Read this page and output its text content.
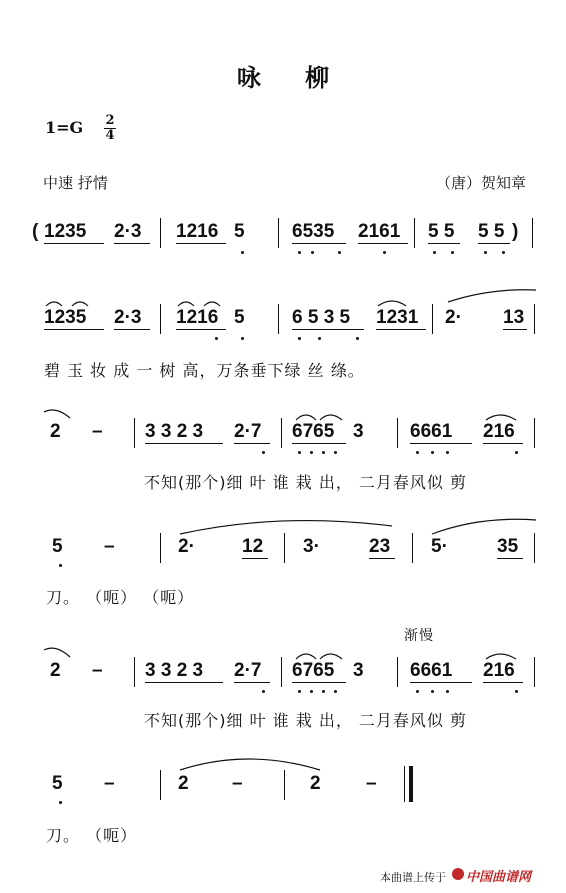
咏 柳
1=G 2
4
中速 抒情	（唐）贺知章
( 1235 2·3 1216 5 6535 2161 5 5 5 5 )
1235 2·3 1216 5 6 5 3 5 1231 2· 13
碧 玉 妆 成 一 树 高，万条垂下绿 丝 绦。
2 – 3 3 2 3 2·7 6765 3 6661 216
不知(那个)细 叶 谁 栽 出， 二月春风似 剪
5 –	2· 12 3·	23 5·	35
刀。 （呃） （呃）
渐慢
2 – 3 3 2 3 2·7 6765 3 6661 216
不知(那个)细 叶 谁 栽 出， 二月春风似 剪
5 –	2 –	2 –
刀。 （呃）
本曲谱上传于 中国曲谱网
